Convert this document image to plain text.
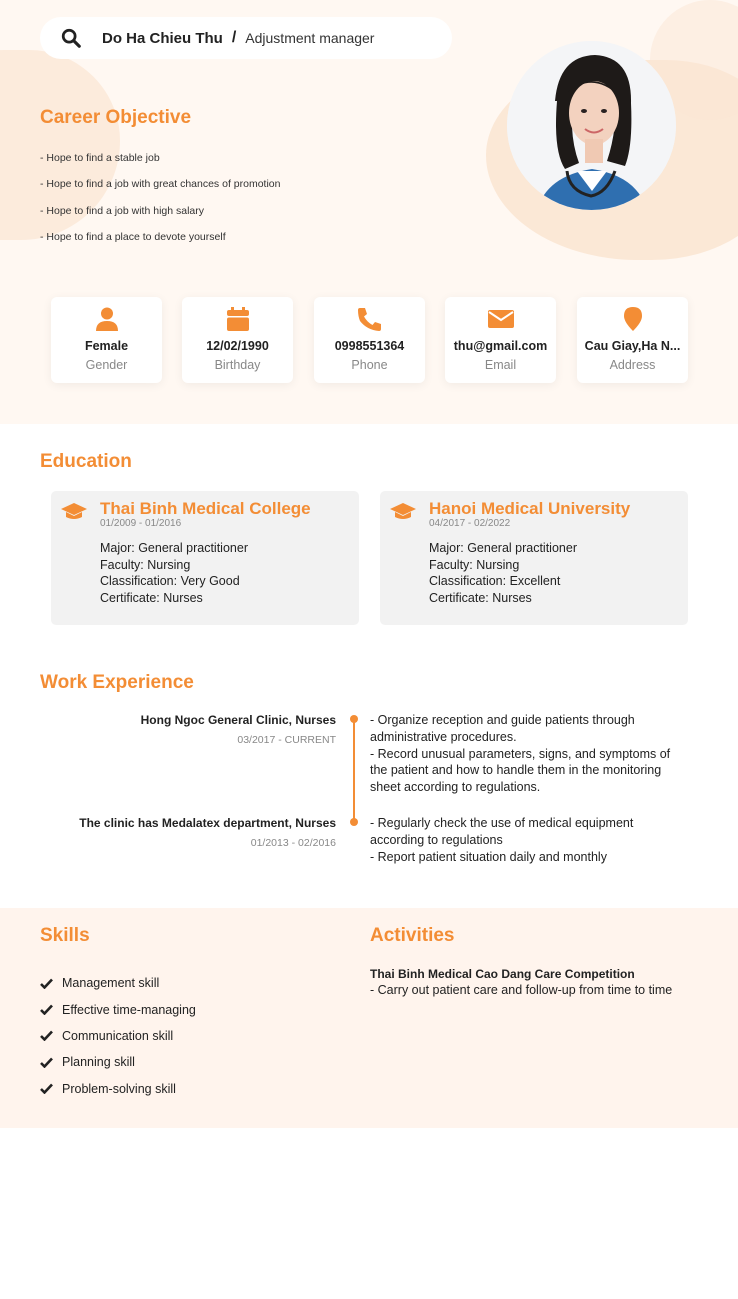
Do Ha Chieu Thu / Adjustment manager
Career Objective
- Hope to find a stable job
- Hope to find a job with great chances of promotion
- Hope to find a job with high salary
- Hope to find a place to devote yourself
Female
Gender
12/02/1990
Birthday
0998551364
Phone
thu@gmail.com
Email
Cau Giay,Ha N...
Address
Education
Thai Binh Medical College
01/2009 - 01/2016
Major: General practitioner
Faculty: Nursing
Classification: Very Good
Certificate: Nurses
Hanoi Medical University
04/2017 - 02/2022
Major: General practitioner
Faculty: Nursing
Classification: Excellent
Certificate: Nurses
Work Experience
Hong Ngoc General Clinic, Nurses
03/2017 - CURRENT
- Organize reception and guide patients through administrative procedures.
- Record unusual parameters, signs, and symptoms of the patient and how to handle them in the monitoring sheet according to regulations.
The clinic has Medalatex department, Nurses
01/2013 - 02/2016
- Regularly check the use of medical equipment according to regulations
- Report patient situation daily and monthly
Skills
Management skill
Effective time-managing
Communication skill
Planning skill
Problem-solving skill
Activities
Thai Binh Medical Cao Dang Care Competition
- Carry out patient care and follow-up from time to time
